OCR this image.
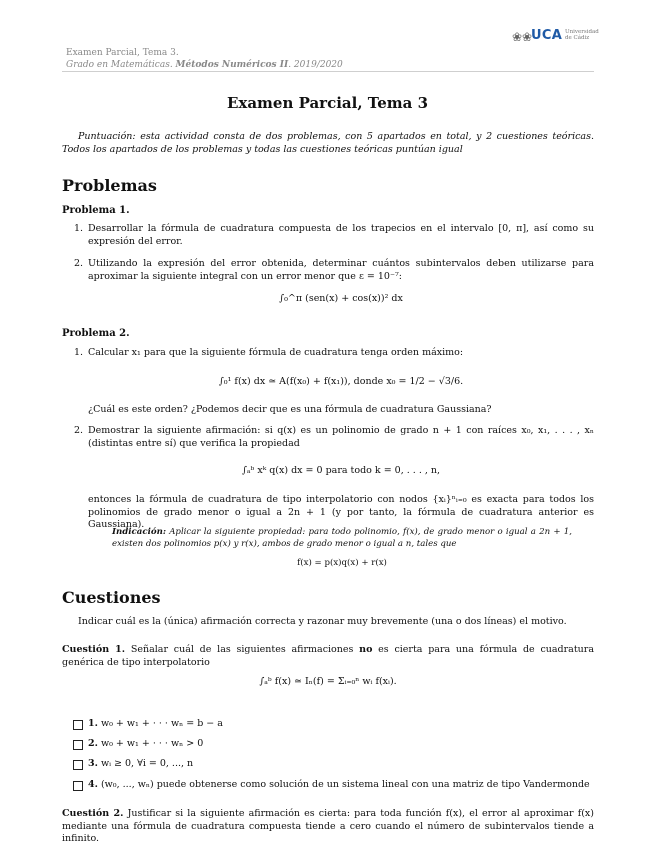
Examen Parcial, Tema 3.
Grado en Matemáticas. Métodos Numéricos II. 2019/2020
❀❀
UCA Universidad de Cádiz
Examen Parcial, Tema 3
Puntuación: esta actividad consta de dos problemas, con 5 apartados en total, y 2 cuestiones teóricas. Todos los apartados de los problemas y todas las cuestiones teóricas puntúan igual
Problemas
Problema 1.
1. Desarrollar la fórmula de cuadratura compuesta de los trapecios en el intervalo [0, π], así como su expresión del error.
2. Utilizando la expresión del error obtenida, determinar cuántos subintervalos deben utilizarse para aproximar la siguiente integral con un error menor que ε = 10⁻⁷:
∫₀^π (sen(x) + cos(x))² dx
Problema 2.
1. Calcular x₁ para que la siguiente fórmula de cuadratura tenga orden máximo:
∫₀¹ f(x) dx ≃ A(f(x₀) + f(x₁)), donde x₀ = 1/2 − √3/6.
¿Cuál es este orden? ¿Podemos decir que es una fórmula de cuadratura Gaussiana?
2. Demostrar la siguiente afirmación: si q(x) es un polinomio de grado n + 1 con raíces x₀, x₁, . . . , xₙ (distintas entre sí) que verifica la propiedad
∫ₐᵇ xᵏ q(x) dx = 0 para todo k = 0, . . . , n,
entonces la fórmula de cuadratura de tipo interpolatorio con nodos {xᵢ}ⁿᵢ₌₀ es exacta para todos los polinomios de grado menor o igual a 2n + 1 (y por tanto, la fórmula de cuadratura anterior es Gaussiana).
Indicación: Aplicar la siguiente propiedad: para todo polinomio, f(x), de grado menor o igual a 2n + 1, existen dos polinomios p(x) y r(x), ambos de grado menor o igual a n, tales que
f(x) = p(x)q(x) + r(x)
Cuestiones
Indicar cuál es la (única) afirmación correcta y razonar muy brevemente (una o dos líneas) el motivo.
Cuestión 1. Señalar cuál de las siguientes afirmaciones no es cierta para una fórmula de cuadratura genérica de tipo interpolatorio
∫ₐᵇ f(x) ≃ Iₙ(f) = Σᵢ₌₀ⁿ wᵢ f(xᵢ).
1. w₀ + w₁ + · · · wₙ = b − a
2. w₀ + w₁ + · · · wₙ > 0
3. wᵢ ≥ 0, ∀i = 0, ..., n
4. (w₀, ..., wₙ) puede obtenerse como solución de un sistema lineal con una matriz de tipo Vandermonde
Cuestión 2. Justificar si la siguiente afirmación es cierta: para toda función f(x), el error al aproximar f(x) mediante una fórmula de cuadratura compuesta tiende a cero cuando el número de subintervalos tiende a infinito.
